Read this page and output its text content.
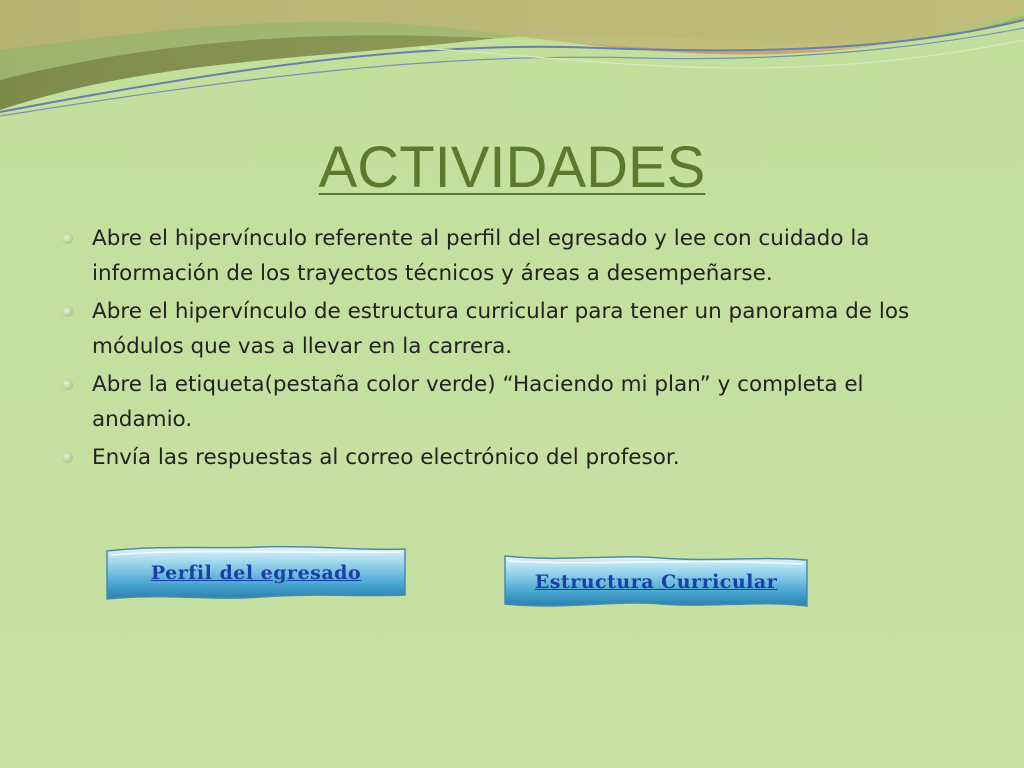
ACTIVIDADES
Abre el hipervínculo referente al perfil del egresado y lee con cuidado la información de los trayectos técnicos y áreas a desempeñarse.
Abre el hipervínculo de estructura curricular para tener un panorama de los módulos que vas a llevar en la carrera.
Abre la etiqueta(pestaña color verde) “Haciendo mi plan” y completa el andamio.
Envía las respuestas al correo electrónico del profesor.
Perfil del egresado	Estructura Curricular
